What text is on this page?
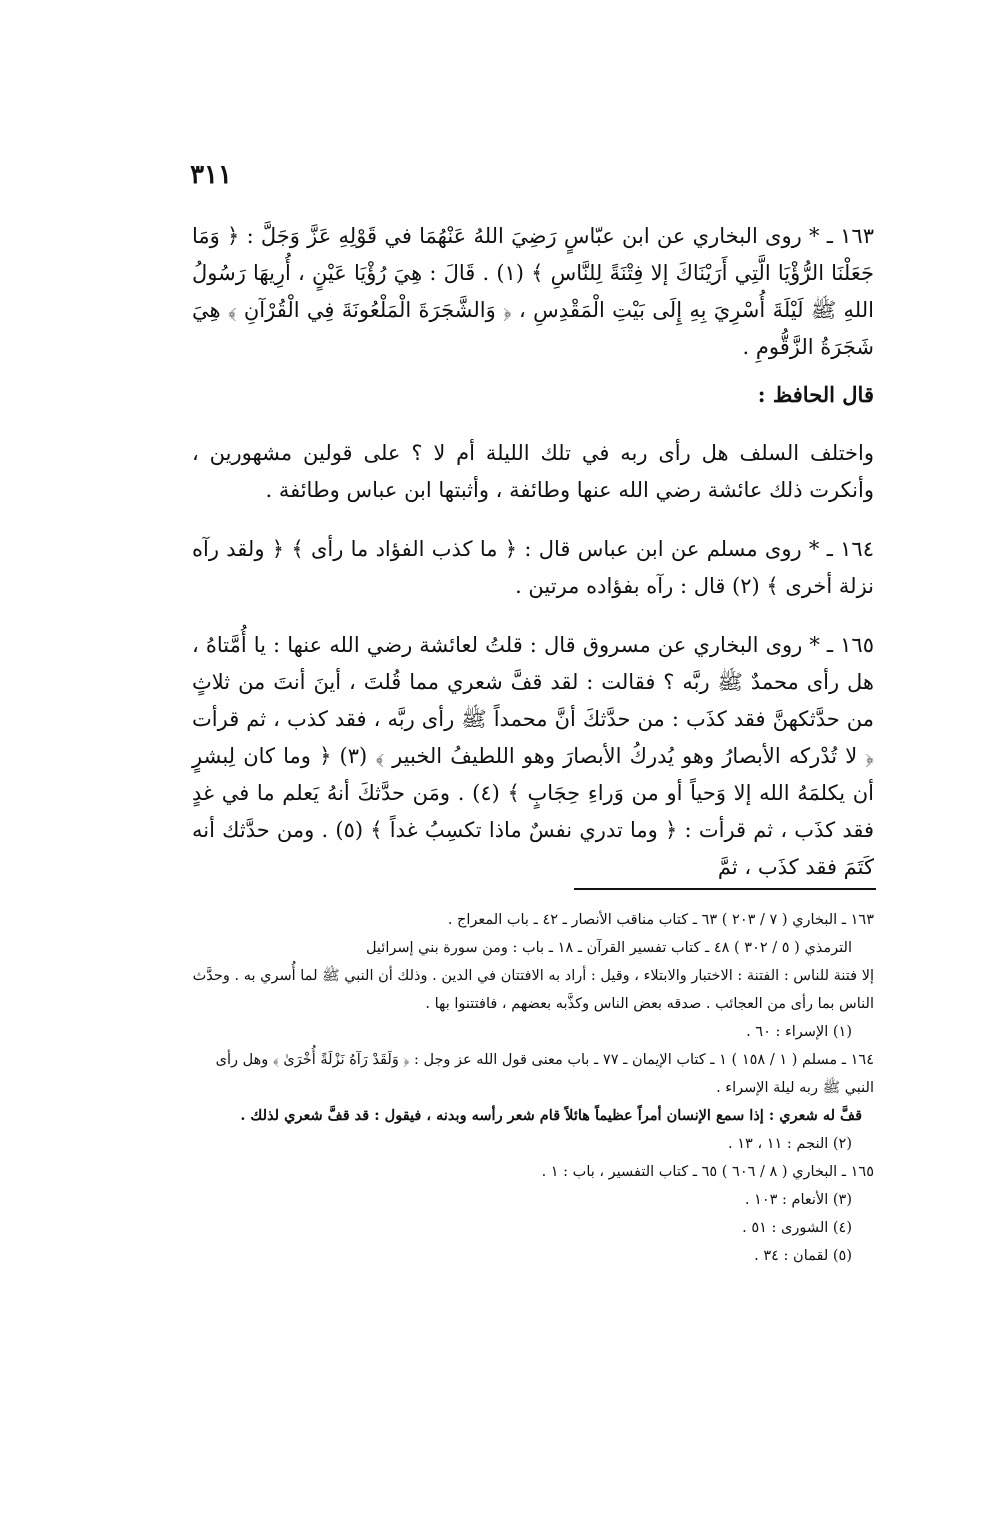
٣١١

١٦٣ ـ * روى البخاري عن ابن عبّاسٍ رَضِيَ اللهُ عَنْهُمَا في قَوْلِهِ عَزَّ وَجَلَّ : ﴿ وَمَا جَعَلْنَا الرُّؤْيَا الَّتِي أَرَيْنَاكَ إلا فِتْنَةً لِلنَّاسِ ﴾ (١) . قَالَ : هِيَ رُؤْيَا عَيْنٍ ، أُرِيهَا رَسُولُ اللهِ ﷺ لَيْلَةَ أُسْرِيَ بِهِ إِلَى بَيْتِ الْمَقْدِسِ ، ﴿ وَالشَّجَرَةَ الْمَلْعُونَةَ فِي الْقُرْآنِ ﴾ هِيَ شَجَرَةُ الزَّقُّومِ .

قال الحافظ :

واختلف السلف هل رأى ربه في تلك الليلة أم لا ؟ على قولين مشهورين ، وأنكرت ذلك عائشة رضي الله عنها وطائفة ، وأثبتها ابن عباس وطائفة .

١٦٤ ـ * روى مسلم عن ابن عباس قال : ﴿ ما كذب الفؤاد ما رأى ﴾ ﴿ ولقد رآه نزلة أخرى ﴾ (٢) قال : رآه بفؤاده مرتين .

١٦٥ ـ * روى البخاري عن مسروق قال : قلتُ لعائشة رضي الله عنها : يا أُمَّتاهُ ، هل رأى محمدٌ ﷺ ربَّه ؟ فقالت : لقد قفَّ شعري مما قُلتَ ، أينَ أنتَ من ثلاثٍ من حدَّثكهنَّ فقد كذَب : من حدَّثكَ أنَّ محمداً ﷺ رأى ربَّه ، فقد كذب ، ثم قرأت ﴿ لا تُدْركه الأبصارُ وهو يُدركُ الأبصارَ وهو اللطيفُ الخبير ﴾ (٣) ﴿ وما كان لِبشرٍ أن يكلمَهُ الله إلا وَحياً أو من وَراءِ حِجَابٍ ﴾ (٤) . ومَن حدَّثكَ أنهُ يَعلم ما في غدٍ فقد كذَب ، ثم قرأت : ﴿ وما تدري نفسٌ ماذا تكسِبُ غداً ﴾ (٥) . ومن حدَّثك أنه كَتَمَ فقد كذَب ، ثمَّ

١٦٣ ـ البخاري ( ٧ / ٢٠٣ ) ٦٣ ـ كتاب مناقب الأنصار ـ ٤٢ ـ باب المعراج .

الترمذي ( ٥ / ٣٠٢ ) ٤٨ ـ كتاب تفسير القرآن ـ ١٨ ـ باب : ومن سورة بني إسرائيل

إلا فتنة للناس : الفتنة : الاختبار والابتلاء ، وقيل : أراد به الافتتان في الدين . وذلك أن النبي ﷺ لما أُسري به . وحدَّث الناس بما رأى من العجائب . صدقه بعض الناس وكذَّبه بعضهم ، فافتتنوا بها .

(١) الإسراء : ٦٠ .

١٦٤ ـ مسلم ( ١ / ١٥٨ ) ١ ـ كتاب الإيمان ـ ٧٧ ـ باب معنى قول الله عز وجل : ﴿ وَلَقَدْ رَآهُ نَزْلَةً أُخْرَىٰ ﴾ وهل رأى النبي ﷺ ربه ليلة الإسراء .

قفَّ له شعري : إذا سمع الإنسان أمراً عظيماً هائلاً قام شعر رأسه وبدنه ، فيقول : قد قفَّ شعري لذلك .

(٢) النجم : ١١ ، ١٣ .

١٦٥ ـ البخاري ( ٨ / ٦٠٦ ) ٦٥ ـ كتاب التفسير ، باب : ١ .

(٣) الأنعام : ١٠٣ .

(٤) الشورى : ٥١ .

(٥) لقمان : ٣٤ .
